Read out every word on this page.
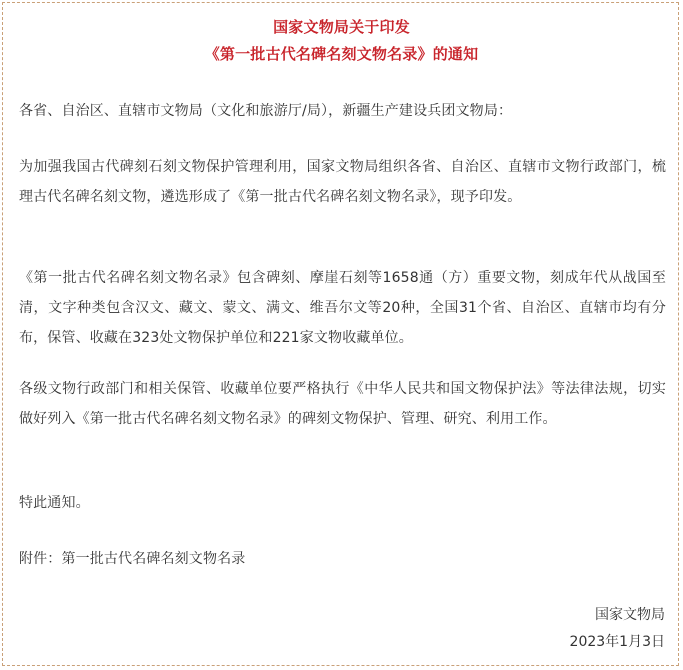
国家文物局关于印发
《第一批古代名碑名刻文物名录》的通知

各省、自治区、直辖市文物局（文化和旅游厅/局），新疆生产建设兵团文物局：

为加强我国古代碑刻石刻文物保护管理利用，国家文物局组织各省、自治区、直辖市文物行政部门，梳理古代名碑名刻文物，遴选形成了《第一批古代名碑名刻文物名录》，现予印发。

《第一批古代名碑名刻文物名录》包含碑刻、摩崖石刻等1658通（方）重要文物，刻成年代从战国至清，文字种类包含汉文、藏文、蒙文、满文、维吾尔文等20种，全国31个省、自治区、直辖市均有分布，保管、收藏在323处文物保护单位和221家文物收藏单位。

各级文物行政部门和相关保管、收藏单位要严格执行《中华人民共和国文物保护法》等法律法规，切实做好列入《第一批古代名碑名刻文物名录》的碑刻文物保护、管理、研究、利用工作。

特此通知。

附件：第一批古代名碑名刻文物名录

国家文物局
2023年1月3日
